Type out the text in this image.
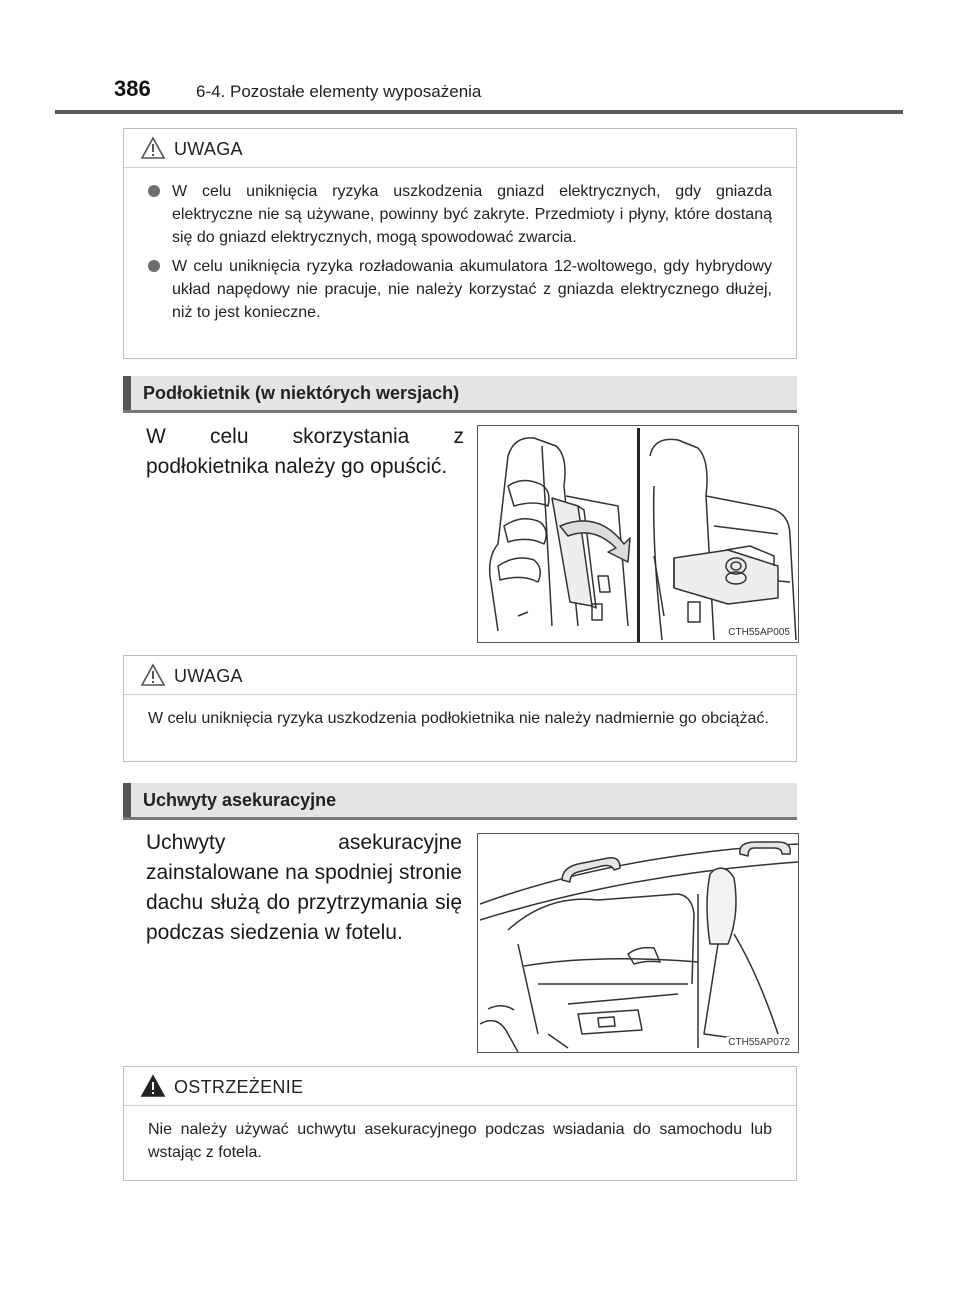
386	6-4. Pozostałe elementy wyposażenia
UWAGA
W celu uniknięcia ryzyka uszkodzenia gniazd elektrycznych, gdy gniazda elektryczne nie są używane, powinny być zakryte. Przedmioty i płyny, które dostaną się do gniazd elektrycznych, mogą spowodować zwarcia.
W celu uniknięcia ryzyka rozładowania akumulatora 12-woltowego, gdy hybrydowy układ napędowy nie pracuje, nie należy korzystać z gniazda elektrycznego dłużej, niż to jest konieczne.
Podłokietnik (w niektórych wersjach)
W celu skorzystania z podłokietnika należy go opuścić.
CTH55AP005
UWAGA
W celu uniknięcia ryzyka uszkodzenia podłokietnika nie należy nadmiernie go obciążać.
Uchwyty asekuracyjne
Uchwyty asekuracyjne zainstalowane na spodniej stronie dachu służą do przytrzymania się podczas siedzenia w fotelu.
CTH55AP072
OSTRZEŻENIE
Nie należy używać uchwytu asekuracyjnego podczas wsiadania do samochodu lub wstając z fotela.
